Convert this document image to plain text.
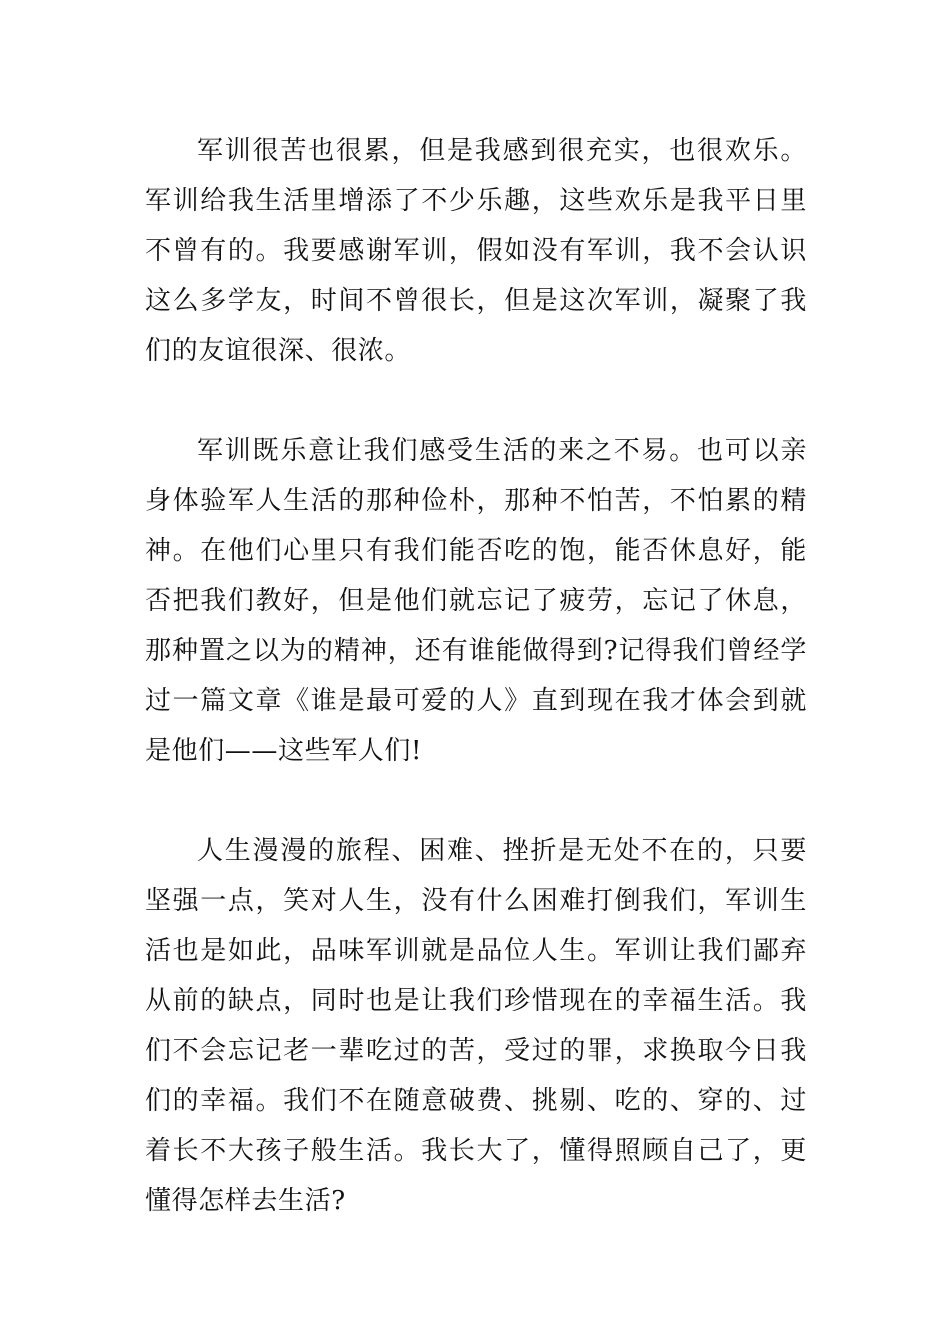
军训很苦也很累，但是我感到很充实，也很欢乐。军训给我生活里增添了不少乐趣，这些欢乐是我平日里不曾有的。我要感谢军训，假如没有军训，我不会认识这么多学友，时间不曾很长，但是这次军训，凝聚了我们的友谊很深、很浓。

军训既乐意让我们感受生活的来之不易。也可以亲身体验军人生活的那种俭朴，那种不怕苦，不怕累的精神。在他们心里只有我们能否吃的饱，能否休息好，能否把我们教好，但是他们就忘记了疲劳，忘记了休息，那种置之以为的精神，还有谁能做得到?记得我们曾经学过一篇文章《谁是最可爱的人》直到现在我才体会到就是他们——这些军人们!

人生漫漫的旅程、困难、挫折是无处不在的，只要坚强一点，笑对人生，没有什么困难打倒我们，军训生活也是如此，品味军训就是品位人生。军训让我们鄙弃从前的缺点，同时也是让我们珍惜现在的幸福生活。我们不会忘记老一辈吃过的苦，受过的罪，求换取今日我们的幸福。我们不在随意破费、挑剔、吃的、穿的、过着长不大孩子般生活。我长大了，懂得照顾自己了，更懂得怎样去生活?
